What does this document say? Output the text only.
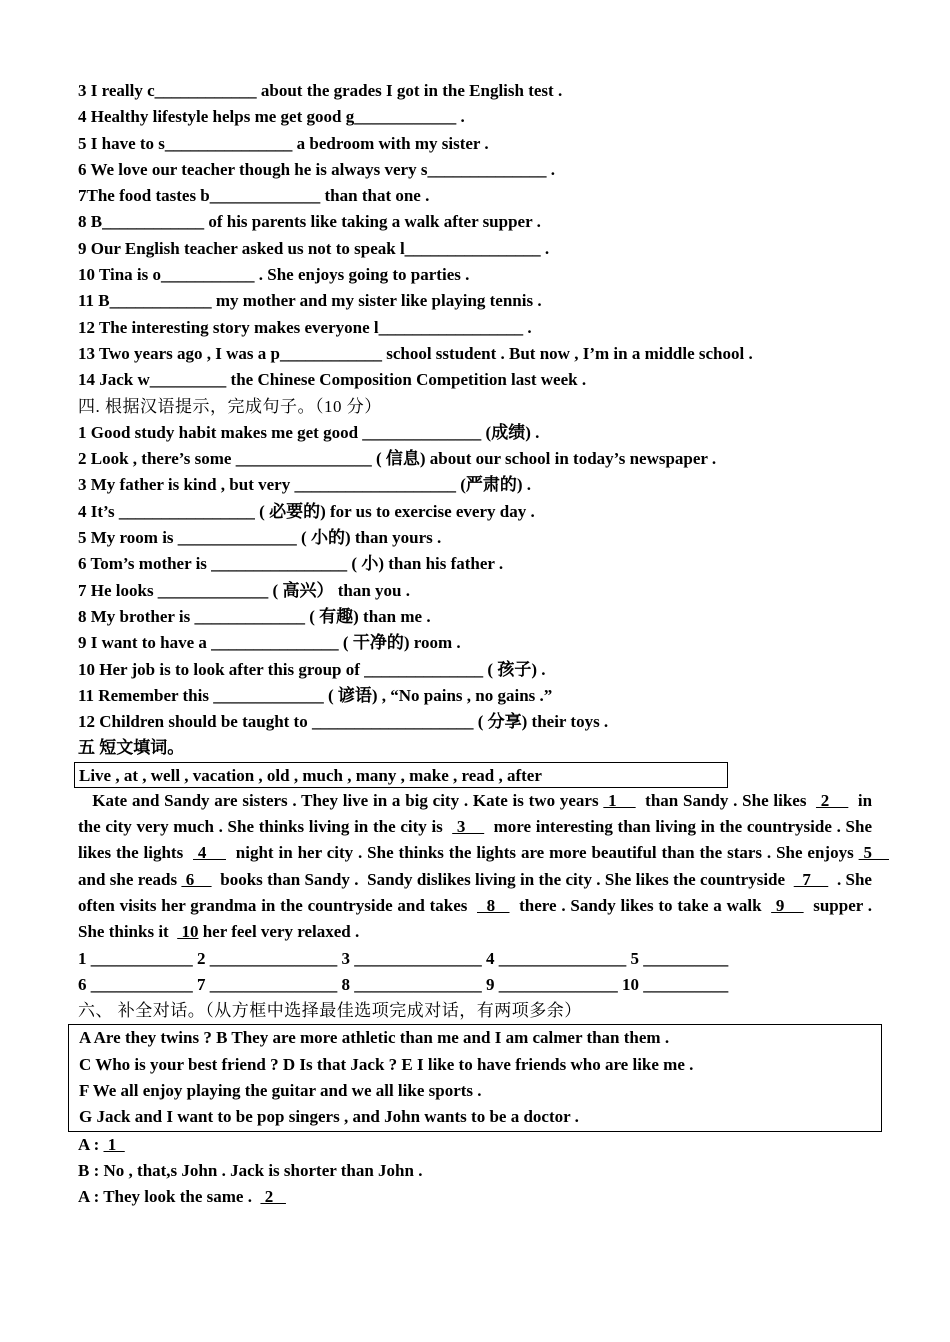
3 I really c____________ about the grades I got in the English test .
4 Healthy lifestyle helps me get good g____________ .
5 I have to s_______________ a bedroom with my sister .
6 We love our teacher though he is always very s______________ .
7The food tastes b_____________ than that one .
8 B____________ of his parents like taking a walk after supper .
9 Our English teacher asked us not to speak l________________ .
10 Tina is o___________ . She enjoys going to parties .
11 B____________ my mother and my sister like playing tennis .
12 The interesting story makes everyone l_________________ .
13 Two years ago , I was a p____________ school sstudent . But now , I’m in a middle school .
14 Jack w_________ the Chinese Composition Competition last week .
四. 根据汉语提示，完成句子。（10 分）
1 Good study habit makes me get good ______________ (成绩) .
2 Look , there’s some ________________ ( 信息) about our school in today’s newspaper .
3 My father is kind , but very ___________________ (严肃的) .
4 It’s ________________ ( 必要的) for us to exercise every day .
5 My room is ______________ ( 小的) than yours .
6 Tom’s mother is ________________ ( 小) than his father .
7 He looks _____________ ( 高兴） than you .
8 My brother is _____________ ( 有趣) than me .
9 I want to have a _______________ ( 干净的) room .
10 Her job is to look after this group of ______________ ( 孩子) .
11 Remember this _____________ ( 谚语) , “No pains , no gains .”
12 Children should be taught to ___________________ ( 分享) their toys .
五 短文填词。
Live , at , well , vacation , old , much , many , make , read , after
Kate and Sandy are sisters . They live in a big city . Kate is two years  1      than Sandy . She likes   2      in the city very much . She thinks living in the city is   3      more interesting than living in the countryside . She likes the lights   4      night in her city . She thinks the lights are more beautiful than the stars . She enjoys  5      and she reads  6      books than Sandy .  Sandy dislikes living in the city . She likes the countryside    7      . She often visits her grandma in the countryside and takes    8     there . Sandy likes to take a walk   9      supper . She thinks it   10 her feel very relaxed .
1 ____________ 2 _______________ 3 _______________ 4 _______________ 5 __________
6 ____________ 7 _______________ 8 _______________ 9 ______________ 10 __________
六、 补全对话。（从方框中选择最佳选项完成对话，有两项多余）
A Are they twins ? B They are more athletic than me and I am calmer than them .
C Who is your best friend ? D Is that Jack ? E I like to have friends who are like me .
F We all enjoy playing the guitar and we all like sports .
G Jack and I want to be pop singers , and John wants to be a doctor .
A :  1
B : No , that,s John . Jack is shorter than John .
A : They look the same .   2
